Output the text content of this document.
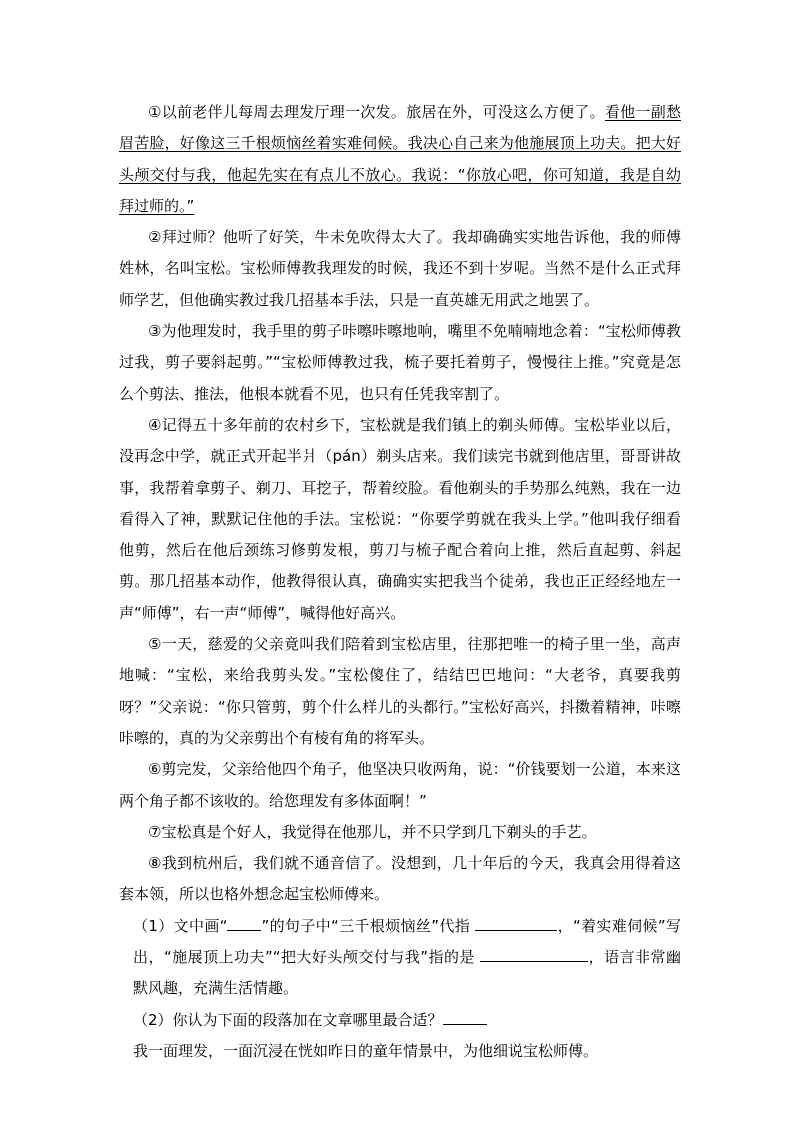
①以前老伴儿每周去理发厅理一次发。旅居在外，可没这么方便了。看他一副愁眉苦脸，好像这三千根烦恼丝着实难伺候。我决心自己来为他施展顶上功夫。把大好头颅交付与我，他起先实在有点儿不放心。我说：“你放心吧，你可知道，我是自幼拜过师的。”

②拜过师？他听了好笑，牛未免吹得太大了。我却确确实实地告诉他，我的师傅姓林，名叫宝松。宝松师傅教我理发的时候，我还不到十岁呢。当然不是什么正式拜师学艺，但他确实教过我几招基本手法，只是一直英雄无用武之地罢了。

③为他理发时，我手里的剪子咔嚓咔嚓地响，嘴里不免喃喃地念着：“宝松师傅教过我，剪子要斜起剪。”“宝松师傅教过我，梳子要托着剪子，慢慢往上推。”究竟是怎么个剪法、推法，他根本就看不见，也只有任凭我宰割了。

④记得五十多年前的农村乡下，宝松就是我们镇上的剃头师傅。宝松毕业以后，没再念中学，就正式开起半爿（pán）剃头店来。我们读完书就到他店里，哥哥讲故事，我帮着拿剪子、剃刀、耳挖子，帮着绞脸。看他剃头的手势那么纯熟，我在一边看得入了神，默默记住他的手法。宝松说：“你要学剪就在我头上学。”他叫我仔细看他剪，然后在他后颈练习修剪发根，剪刀与梳子配合着向上推，然后直起剪、斜起剪。那几招基本动作，他教得很认真，确确实实把我当个徒弟，我也正正经经地左一声“师傅”，右一声“师傅”，喊得他好高兴。

⑤一天，慈爱的父亲竟叫我们陪着到宝松店里，往那把唯一的椅子里一坐，高声地喊：“宝松，来给我剪头发。”宝松傻住了，结结巴巴地问：“大老爷，真要我剪呀？”父亲说：“你只管剪，剪个什么样儿的头都行。”宝松好高兴，抖擞着精神，咔嚓咔嚓的，真的为父亲剪出个有棱有角的将军头。

⑥剪完发，父亲给他四个角子，他坚决只收两角，说：“价钱要划一公道，本来这两个角子都不该收的。给您理发有多体面啊！”

⑦宝松真是个好人，我觉得在他那儿，并不只学到几下剃头的手艺。

⑧我到杭州后，我们就不通音信了。没想到，几十年后的今天，我真会用得着这套本领，所以也格外想念起宝松师傅来。

（1）文中画“ ”的句子中“三千根烦恼丝”代指	，“着实难伺候”写出，“施展顶上功夫”“把大好头颅交付与我”指的是	，语言非常幽默风趣，充满生活情趣。

（2）你认为下面的段落加在文章哪里最合适？

我一面理发，一面沉浸在恍如昨日的童年情景中，为他细说宝松师傅。
